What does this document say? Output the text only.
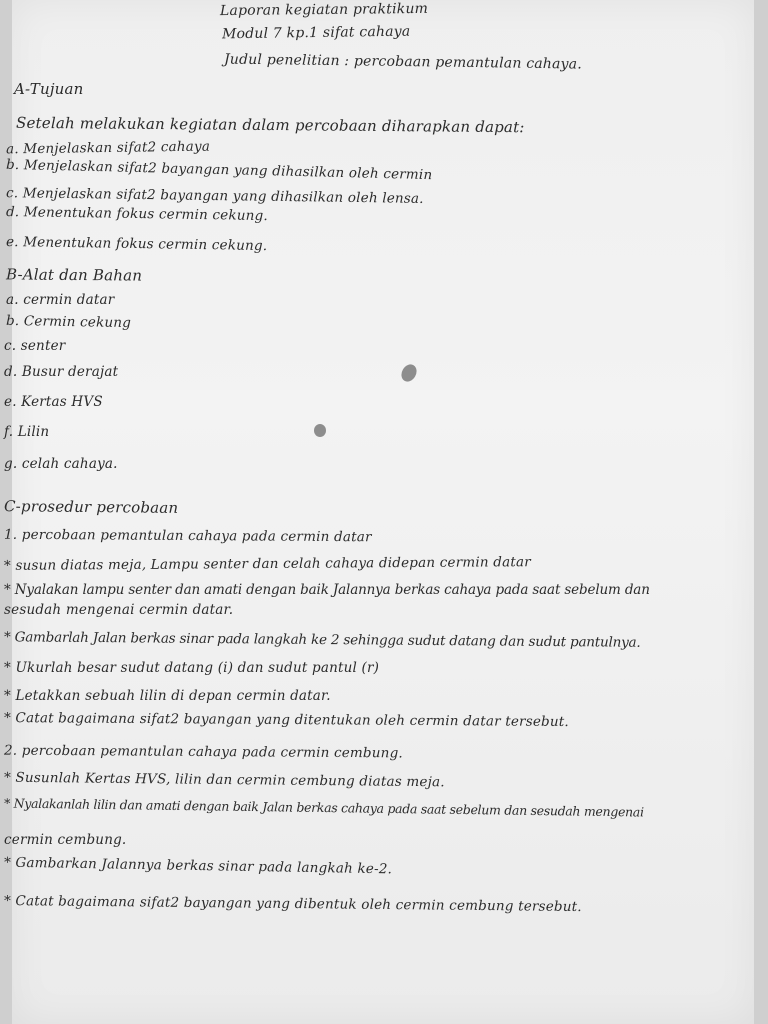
Laporan kegiatan praktikum
Modul 7 kp.1 sifat cahaya
Judul penelitian : percobaan pemantulan cahaya.
A-Tujuan
Setelah melakukan kegiatan dalam percobaan diharapkan dapat:
a. Menjelaskan sifat2 cahaya
b. Menjelaskan sifat2 bayangan yang dihasilkan oleh cermin
c. Menjelaskan sifat2 bayangan yang dihasilkan oleh lensa.
d. Menentukan fokus cermin cekung.
e. Menentukan fokus cermin cekung.
B-Alat dan Bahan
a. cermin datar
b. Cermin cekung
c. senter
d. Busur derajat
e. Kertas HVS
f. Lilin
g. celah cahaya.
C-prosedur percobaan
1. percobaan pemantulan cahaya pada cermin datar
* susun diatas meja, Lampu senter dan celah cahaya didepan cermin datar
* Nyalakan lampu senter dan amati dengan baik Jalannya berkas cahaya pada saat sebelum dan
sesudah mengenai cermin datar.
* Gambarlah Jalan berkas sinar pada langkah ke 2 sehingga sudut datang dan sudut pantulnya.
* Ukurlah besar sudut datang (i) dan sudut pantul (r)
* Letakkan sebuah lilin di depan cermin datar.
* Catat bagaimana sifat2 bayangan yang ditentukan oleh cermin datar tersebut.
2. percobaan pemantulan cahaya pada cermin cembung.
* Susunlah Kertas HVS, lilin dan cermin cembung diatas meja.
* Nyalakanlah lilin dan amati dengan baik Jalan berkas cahaya pada saat sebelum dan sesudah mengenai
cermin cembung.
* Gambarkan Jalannya berkas sinar pada langkah ke-2.
* Catat bagaimana sifat2 bayangan yang dibentuk oleh cermin cembung tersebut.
